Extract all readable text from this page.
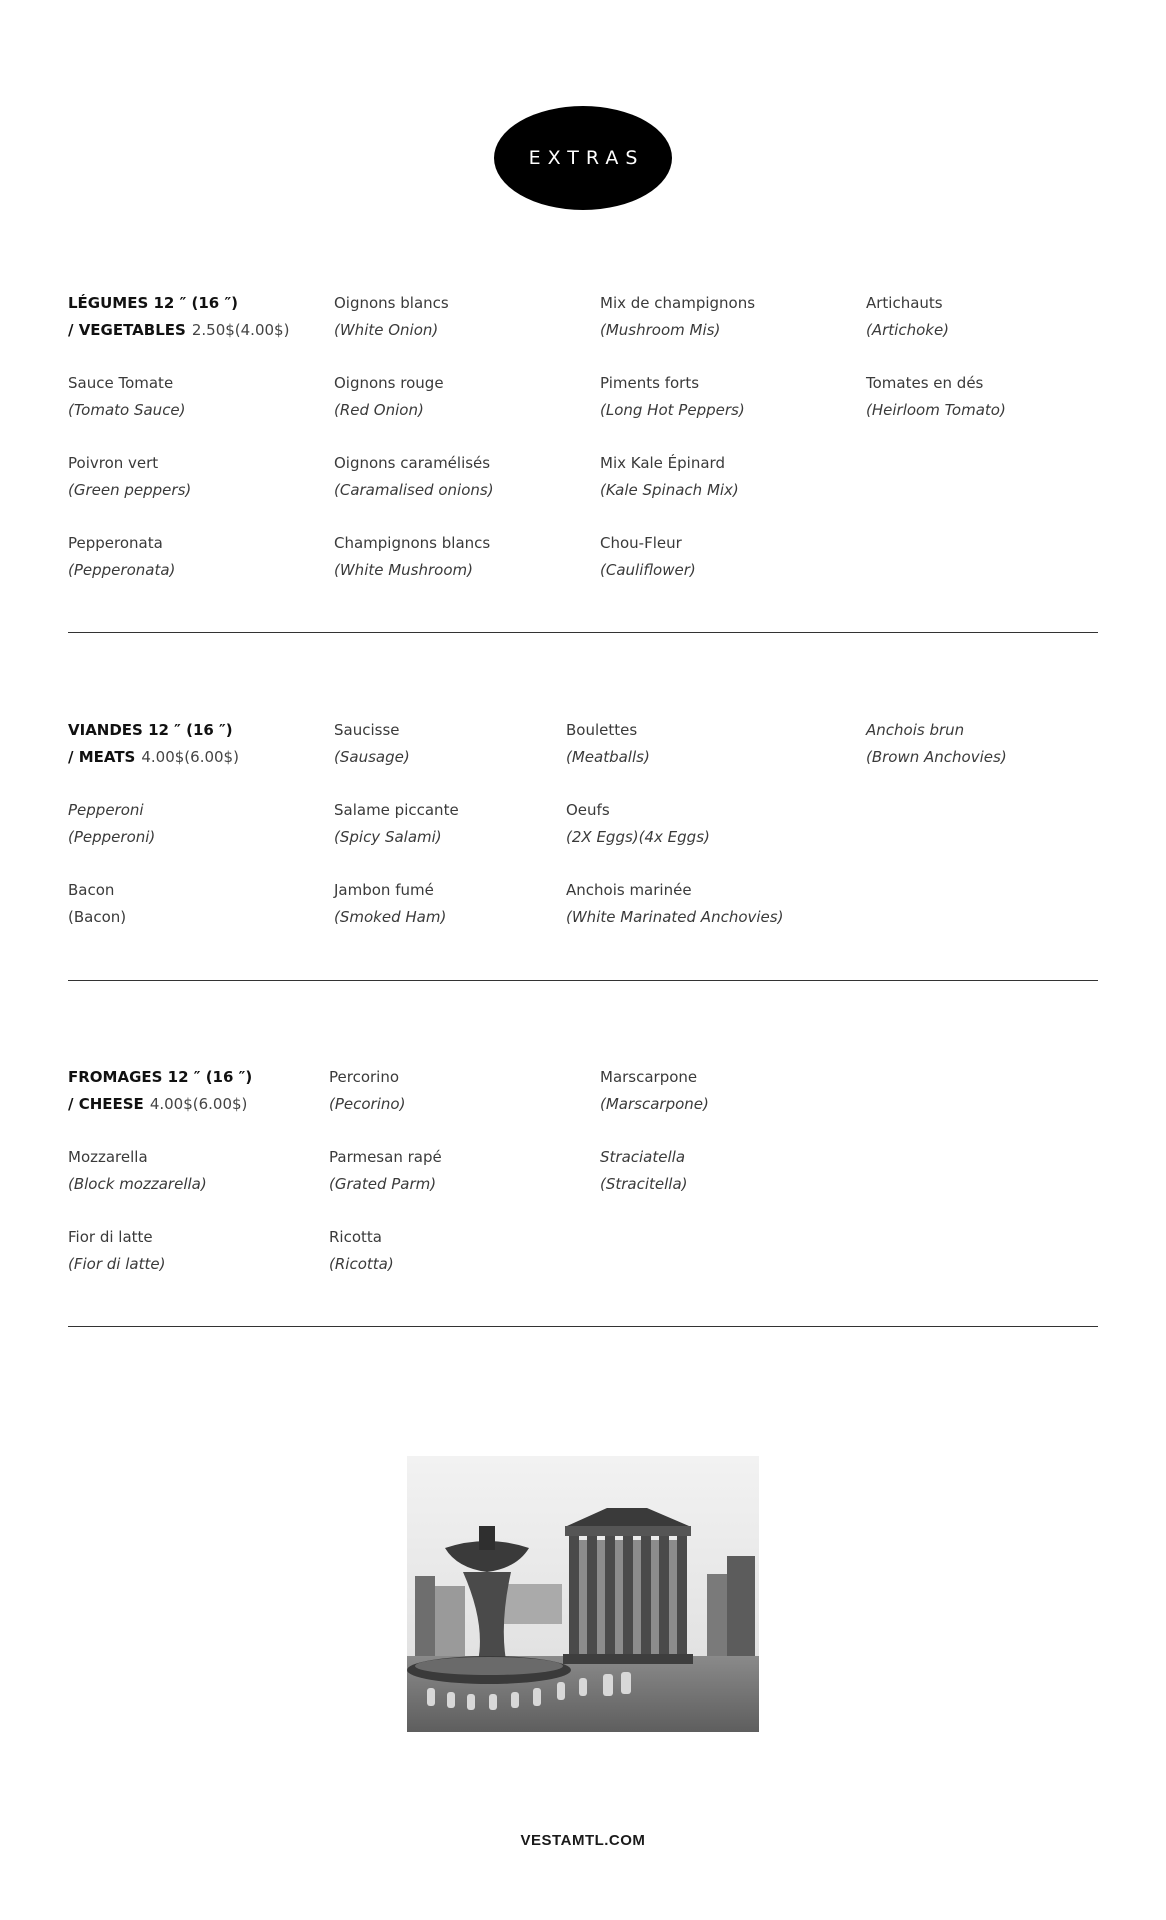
EXTRAS
LÉGUMES 12 ″ (16 ″)
/ VEGETABLES 2.50$(4.00$)
Oignons blancs
(White Onion)
Mix de champignons
(Mushroom Mis)
Artichauts
(Artichoke)
Sauce Tomate
(Tomato Sauce)
Oignons rouge
(Red Onion)
Piments forts
(Long Hot Peppers)
Tomates en dés
(Heirloom Tomato)
Poivron vert
(Green peppers)
Oignons caramélisés
(Caramalised onions)
Mix Kale Épinard
(Kale Spinach Mix)
Pepperonata
(Pepperonata)
Champignons blancs
(White Mushroom)
Chou-Fleur
(Cauliflower)
VIANDES 12 ″ (16 ″)
/ MEATS 4.00$(6.00$)
Saucisse
(Sausage)
Boulettes
(Meatballs)
Anchois brun
(Brown Anchovies)
Pepperoni
(Pepperoni)
Salame piccante
(Spicy Salami)
Oeufs
(2X Eggs)(4x Eggs)
Bacon
(Bacon)
Jambon fumé
(Smoked Ham)
Anchois marinée
(White Marinated Anchovies)
FROMAGES 12 ″ (16 ″)
/ CHEESE 4.00$(6.00$)
Percorino
(Pecorino)
Marscarpone
(Marscarpone)
Mozzarella
(Block mozzarella)
Parmesan rapé
(Grated Parm)
Straciatella
(Stracitella)
Fior di latte
(Fior di latte)
Ricotta
(Ricotta)
VESTAMTL.COM
